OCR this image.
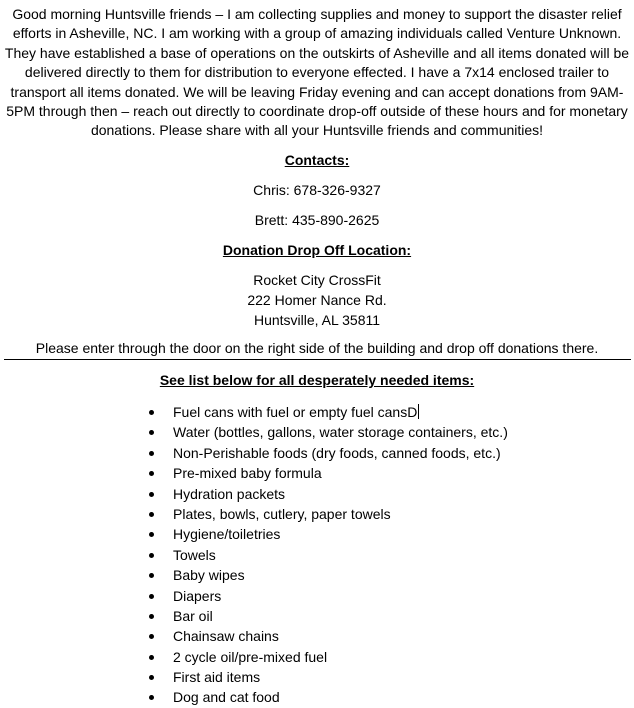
Good morning Huntsville friends – I am collecting supplies and money to support the disaster relief efforts in Asheville, NC. I am working with a group of amazing individuals called Venture Unknown. They have established a base of operations on the outskirts of Asheville and all items donated will be delivered directly to them for distribution to everyone effected. I have a 7x14 enclosed trailer to transport all items donated. We will be leaving Friday evening and can accept donations from 9AM-5PM through then – reach out directly to coordinate drop-off outside of these hours and for monetary donations. Please share with all your Huntsville friends and communities!

Contacts:

Chris: 678-326-9327

Brett: 435-890-2625

Donation Drop Off Location:

Rocket City CrossFit
222 Homer Nance Rd.
Huntsville, AL 35811

Please enter through the door on the right side of the building and drop off donations there.

See list below for all desperately needed items:

Fuel cans with fuel or empty fuel cansD
Water (bottles, gallons, water storage containers, etc.)
Non-Perishable foods (dry foods, canned foods, etc.)
Pre-mixed baby formula
Hydration packets
Plates, bowls, cutlery, paper towels
Hygiene/toiletries
Towels
Baby wipes
Diapers
Bar oil
Chainsaw chains
2 cycle oil/pre-mixed fuel
First aid items
Dog and cat food
